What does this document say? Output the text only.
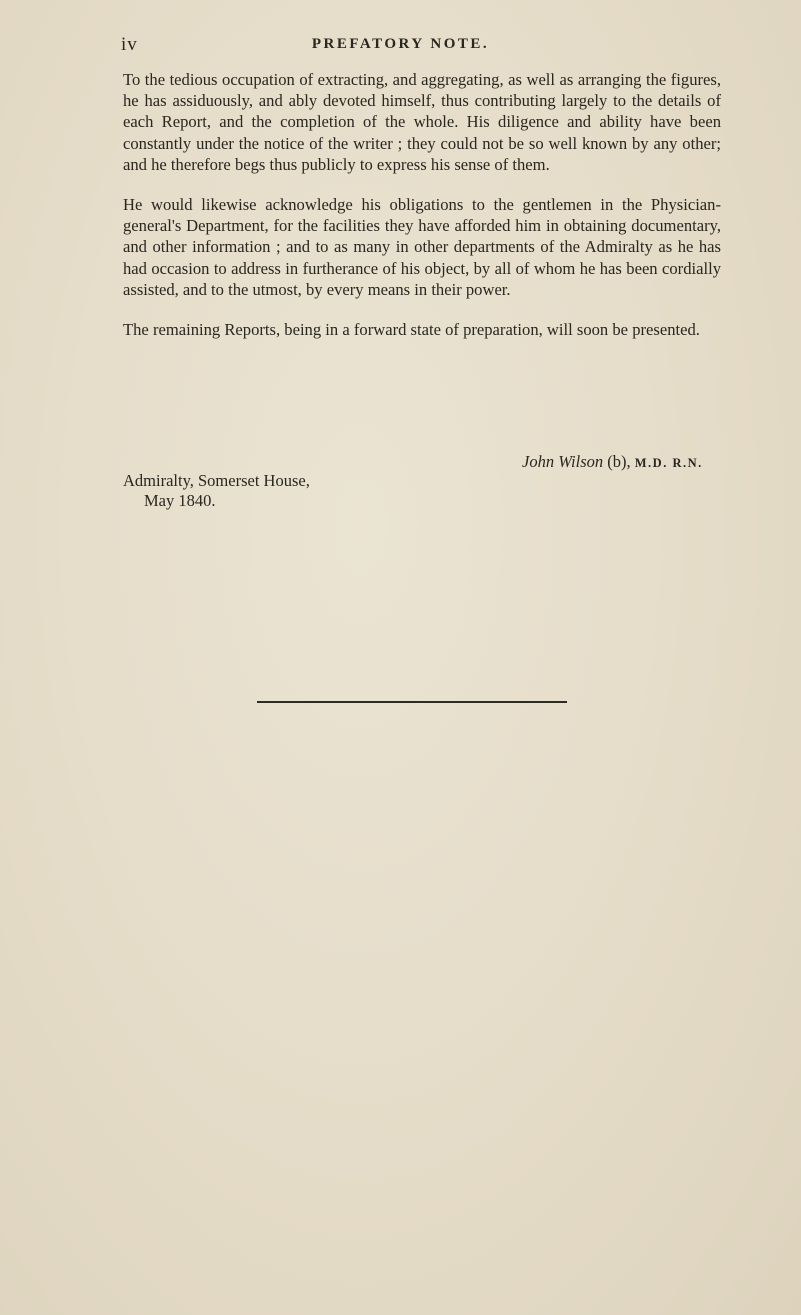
iv	PREFATORY NOTE.

To the tedious occupation of extracting, and aggregating, as well as arranging the figures, he has assiduously, and ably devoted himself, thus contributing largely to the details of each Report, and the completion of the whole. His diligence and ability have been constantly under the notice of the writer ; they could not be so well known by any other; and he therefore begs thus publicly to express his sense of them.

He would likewise acknowledge his obligations to the gentlemen in the Physician-general's Department, for the facilities they have afforded him in obtaining documentary, and other information ; and to as many in other departments of the Admiralty as he has had occasion to address in furtherance of his object, by all of whom he has been cordially assisted, and to the utmost, by every means in their power.

The remaining Reports, being in a forward state of preparation, will soon be presented.

John Wilson (b), M.D. R.N.
Admiralty, Somerset House,
May 1840.
